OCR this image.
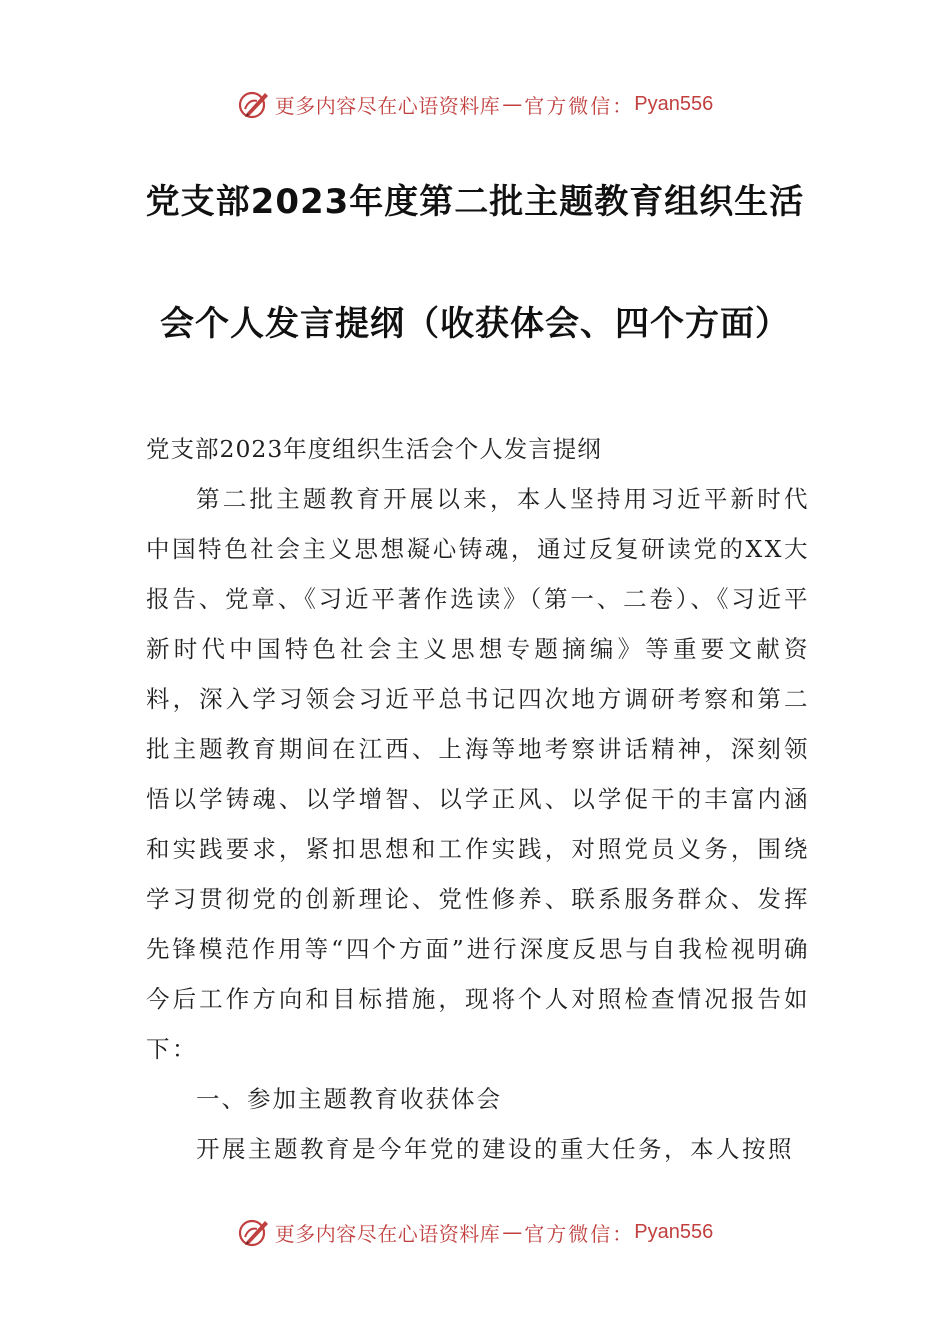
更多内容尽在心语资料库 — 官方微信： Pyan556
党支部2023年度第二批主题教育组织生活
会个人发言提纲（收获体会、四个方面）
党支部2023年度组织生活会个人发言提纲
第二批主题教育开展以来，本人坚持用习近平新时代中国特色社会主义思想凝心铸魂，通过反复研读党的XX大报告、党章、《习近平著作选读》（第一、二卷）、《习近平新时代中国特色社会主义思想专题摘编》等重要文献资料，深入学习领会习近平总书记四次地方调研考察和第二批主题教育期间在江西、上海等地考察讲话精神，深刻领悟以学铸魂、以学增智、以学正风、以学促干的丰富内涵和实践要求，紧扣思想和工作实践，对照党员义务，围绕学习贯彻党的创新理论、党性修养、联系服务群众、发挥先锋模范作用等“四个方面”进行深度反思与自我检视明确今后工作方向和目标措施，现将个人对照检查情况报告如下：
一、参加主题教育收获体会
开展主题教育是今年党的建设的重大任务，本人按照
更多内容尽在心语资料库 — 官方微信： Pyan556
